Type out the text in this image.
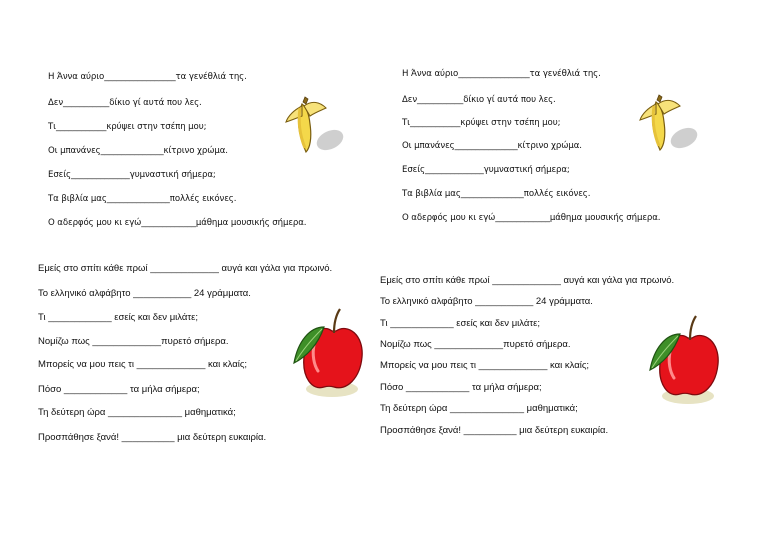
Η Άννα αύριο_________________τα γενέθλιά της.
Δεν___________δίκιο γί αυτά που λες.
Τι____________κρύψει στην τσέπη μου;
Οι μπανάνες_______________κίτρινο χρώμα.
Εσείς______________γυμναστική σήμερα;
Τα βιβλία μας_______________πολλές εικόνες.
Ο αδερφός μου κι εγώ_____________μάθημα μουσικής σήμερα.
Η Άννα αύριο_________________τα γενέθλιά της.
Δεν___________δίκιο γί αυτά που λες.
Τι____________κρύψει στην τσέπη μου;
Οι μπανάνες_______________κίτρινο χρώμα.
Εσείς______________γυμναστική σήμερα;
Τα βιβλία μας_______________πολλές εικόνες.
Ο αδερφός μου κι εγώ_____________μάθημα μουσικής σήμερα.
Εμείς στο σπίτι κάθε πρωί _____________ αυγά και γάλα για πρωινό.
Το ελληνικό αλφάβητο ___________ 24 γράμματα.
Τι ____________ εσείς και δεν μιλάτε;
Νομίζω πως _____________πυρετό σήμερα.
Μπορείς να μου πεις τι _____________ και κλαίς;
Πόσο ____________ τα μήλα σήμερα;
Τη δεύτερη ώρα ______________ μαθηματικά;
Προσπάθησε ξανά! __________ μια δεύτερη ευκαιρία.
Εμείς στο σπίτι κάθε πρωί _____________ αυγά και γάλα για πρωινό.
Το ελληνικό αλφάβητο ___________ 24 γράμματα.
Τι ____________ εσείς και δεν μιλάτε;
Νομίζω πως _____________πυρετό σήμερα.
Μπορείς να μου πεις τι _____________ και κλαίς;
Πόσο ____________ τα μήλα σήμερα;
Τη δεύτερη ώρα ______________ μαθηματικά;
Προσπάθησε ξανά! __________ μια δεύτερη ευκαιρία.
